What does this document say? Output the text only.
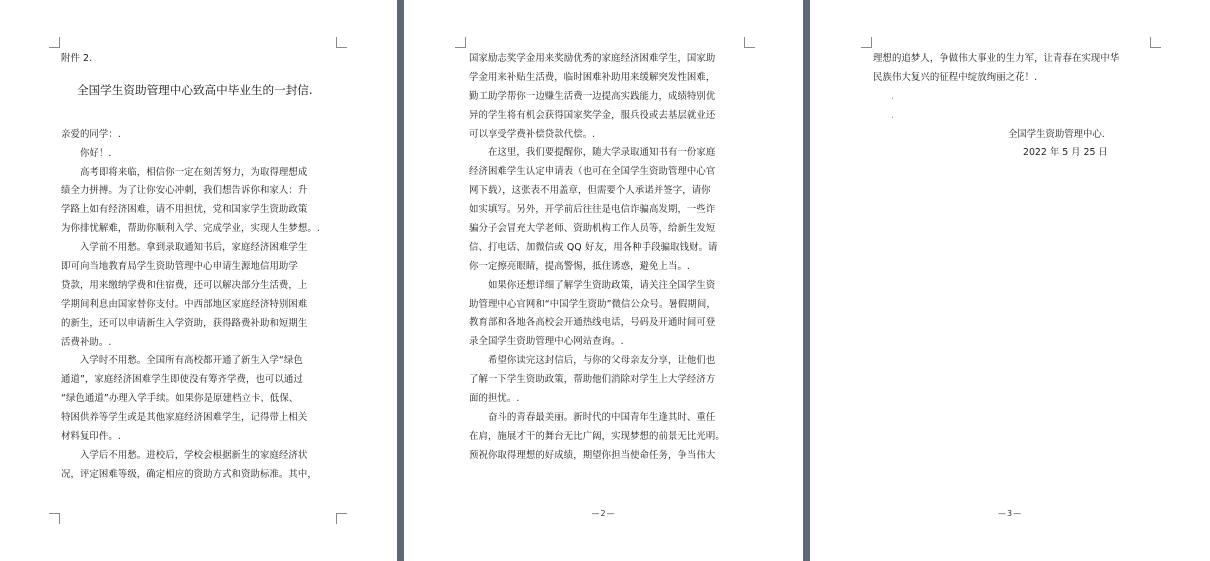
附件 2.
全国学生资助管理中心致高中毕业生的一封信.
亲爱的同学：.
　　你好！.
　　高考即将来临，相信你一定在刻苦努力，为取得理想成
绩全力拼搏。为了让你安心冲刺，我们想告诉你和家人：升
学路上如有经济困难，请不用担忧，党和国家学生资助政策
为你排忧解难，帮助你顺利入学、完成学业，实现人生梦想。.
　　入学前不用愁。拿到录取通知书后，家庭经济困难学生
即可向当地教育局学生资助管理中心申请生源地信用助学
贷款，用来缴纳学费和住宿费，还可以解决部分生活费，上
学期间利息由国家替你支付。中西部地区家庭经济特别困难
的新生，还可以申请新生入学资助，获得路费补助和短期生
活费补助。.
　　入学时不用愁。全国所有高校都开通了新生入学“绿色
通道”，家庭经济困难学生即使没有筹齐学费，也可以通过
“绿色通道”办理入学手续。如果你是原建档立卡、低保、
特困供养等学生或是其他家庭经济困难学生，记得带上相关
材料复印件。.
　　入学后不用愁。进校后，学校会根据新生的家庭经济状
况，评定困难等级，确定相应的资助方式和资助标准。其中，
国家励志奖学金用来奖励优秀的家庭经济困难学生，国家助
学金用来补贴生活费，临时困难补助用来缓解突发性困难，
勤工助学帮你一边赚生活费一边提高实践能力，成绩特别优
异的学生将有机会获得国家奖学金，服兵役或去基层就业还
可以享受学费补偿贷款代偿。.
　　在这里，我们要提醒你，随大学录取通知书有一份家庭
经济困难学生认定申请表（也可在全国学生资助管理中心官
网下载），这张表不用盖章，但需要个人承诺并签字，请你
如实填写。另外，开学前后往往是电信诈骗高发期，一些诈
骗分子会冒充大学老师、资助机构工作人员等，给新生发短
信、打电话、加微信或 QQ 好友，用各种手段骗取钱财。请
你一定擦亮眼睛，提高警惕，抵住诱惑，避免上当。.
　　如果你还想详细了解学生资助政策，请关注全国学生资
助管理中心官网和“中国学生资助”微信公众号。暑假期间，
教育部和各地各高校会开通热线电话，号码及开通时间可登
录全国学生资助管理中心网站查询。.
　　希望你读完这封信后，与你的父母亲友分享，让他们也
了解一下学生资助政策，帮助他们消除对学生上大学经济方
面的担忧。.
　　奋斗的青春最美丽。新时代的中国青年生逢其时、重任
在肩，施展才干的舞台无比广阔，实现梦想的前景无比光明。
预祝你取得理想的好成绩，期望你担当使命任务，争当伟大
—2—
理想的追梦人，争做伟大事业的生力军，让青春在实现中华
民族伟大复兴的征程中绽放绚丽之花！.
.
.
全国学生资助管理中心.
2022 年 5 月 25 日
—3—
